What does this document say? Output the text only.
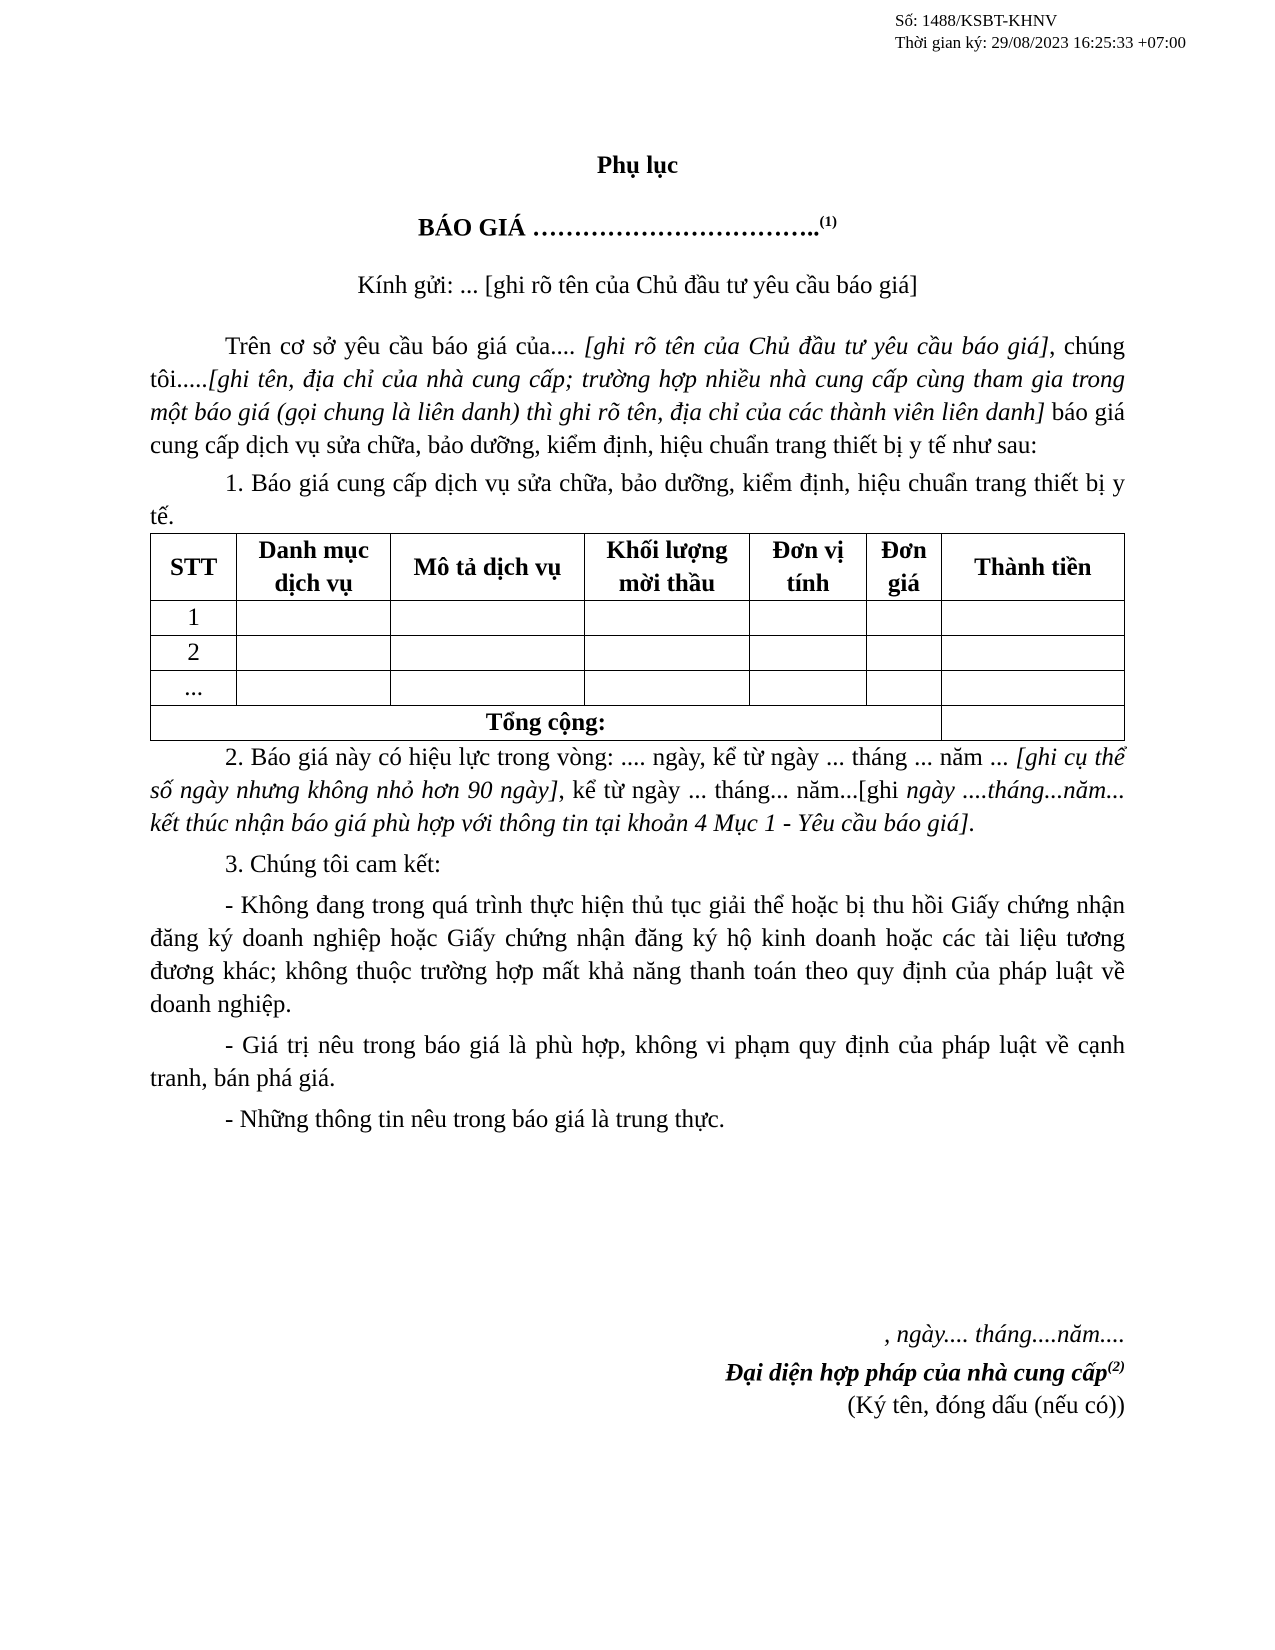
Số: 1488/KSBT-KHNV
Thời gian ký: 29/08/2023 16:25:33 +07:00
Phụ lục
BÁO GIÁ ……………………………..$^{(1)}$
Kính gửi: ... [ghi rõ tên của Chủ đầu tư yêu cầu báo giá]

Trên cơ sở yêu cầu báo giá của.... [ghi rõ tên của Chủ đầu tư yêu cầu báo giá], chúng tôi.....[ghi tên, địa chỉ của nhà cung cấp; trường hợp nhiều nhà cung cấp cùng tham gia trong một báo giá (gọi chung là liên danh) thì ghi rõ tên, địa chỉ của các thành viên liên danh] báo giá cung cấp dịch vụ sửa chữa, bảo dưỡng, kiểm định, hiệu chuẩn trang thiết bị y tế như sau:

1. Báo giá cung cấp dịch vụ sửa chữa, bảo dưỡng, kiểm định, hiệu chuẩn trang thiết bị y tế.

STT	Danh mục dịch vụ	Mô tả dịch vụ	Khối lượng mời thầu	Đơn vị tính	Đơn giá	Thành tiền
1						
2						
...						
Tổng cộng:						

2. Báo giá này có hiệu lực trong vòng: .... ngày, kể từ ngày ... tháng ... năm ... [ghi cụ thể số ngày nhưng không nhỏ hơn 90 ngày], kể từ ngày ... tháng... năm...[ghi ngày ....tháng...năm... kết thúc nhận báo giá phù hợp với thông tin tại khoản 4 Mục 1 - Yêu cầu báo giá].

3. Chúng tôi cam kết:

- Không đang trong quá trình thực hiện thủ tục giải thể hoặc bị thu hồi Giấy chứng nhận đăng ký doanh nghiệp hoặc Giấy chứng nhận đăng ký hộ kinh doanh hoặc các tài liệu tương đương khác; không thuộc trường hợp mất khả năng thanh toán theo quy định của pháp luật về doanh nghiệp.

- Giá trị nêu trong báo giá là phù hợp, không vi phạm quy định của pháp luật về cạnh tranh, bán phá giá.

- Những thông tin nêu trong báo giá là trung thực.

, ngày.... tháng....năm....
Đại diện hợp pháp của nhà cung cấp$^{(2)}$
(Ký tên, đóng dấu (nếu có))
